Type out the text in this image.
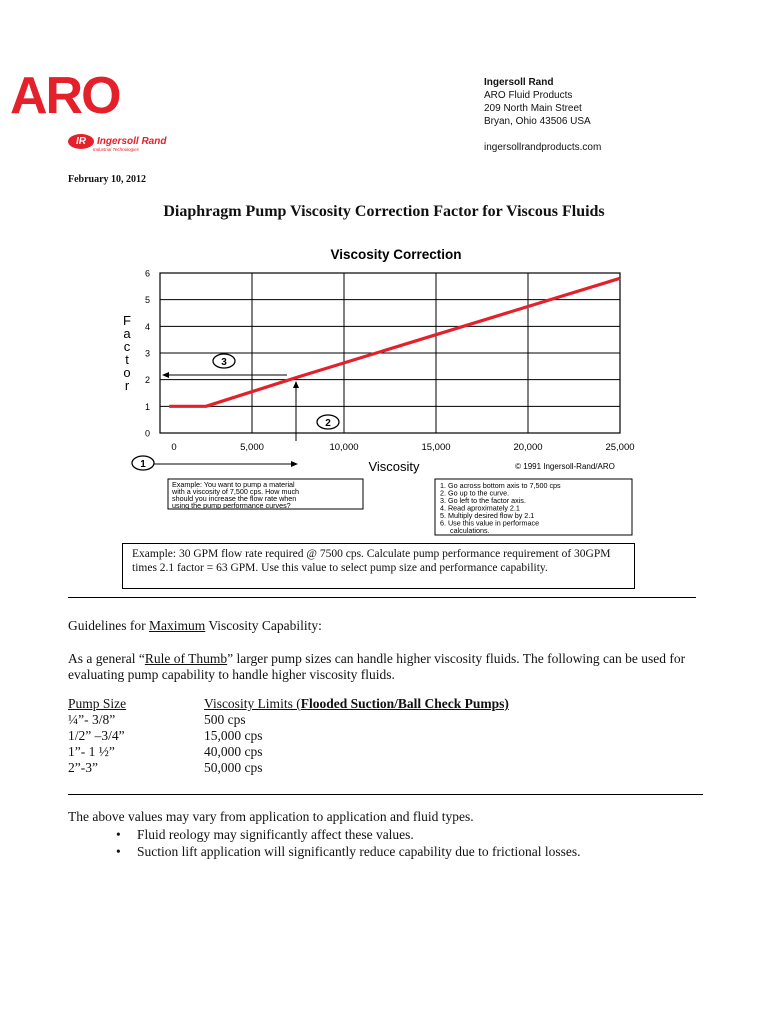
ARO
IR	Ingersoll Rand
Industrial Technologies
Ingersoll Rand
ARO Fluid Products
209 North Main Street
Bryan, Ohio 43506 USA
ingersollrandproducts.com
February 10, 2012
Diaphragm Pump Viscosity Correction Factor for Viscous Fluids
0
1
2
3
4
5
6
0	5,000	10,000	15,000	20,000	25,000
Viscosity Correction
Viscosity	© 1991 Ingersoll-Rand/ARO
F
a
c
t
o
r
1
2
3
Example: You want to pump a material
with a viscosity of 7,500 cps. How much
should you increase the flow rate when
using the pump performance curves?
1. Go across bottom axis to 7,500 cps
2. Go up to the curve.
3. Go left to the factor axis.
4. Read aproximately 2.1
5. Multiply desired flow by 2.1
6. Use this value in performace
calculations.
Example: 30 GPM flow rate required @ 7500 cps. Calculate pump performance requirement of 30GPM times 2.1 factor = 63 GPM. Use this value to select pump size and performance capability.
Guidelines for Maximum Viscosity Capability:
As a general “Rule of Thumb” larger pump sizes can handle higher viscosity fluids. The following can be used for evaluating pump capability to handle higher viscosity fluids.
Pump Size	Viscosity Limits (Flooded Suction/Ball Check Pumps)
¼”- 3/8”	500 cps
1/2” –3/4”	15,000 cps
1”- 1 ½”	40,000 cps
2”-3”	50,000 cps
The above values may vary from application to application and fluid types.
• Fluid reology may significantly affect these values.
• Suction lift application will significantly reduce capability due to frictional losses.
